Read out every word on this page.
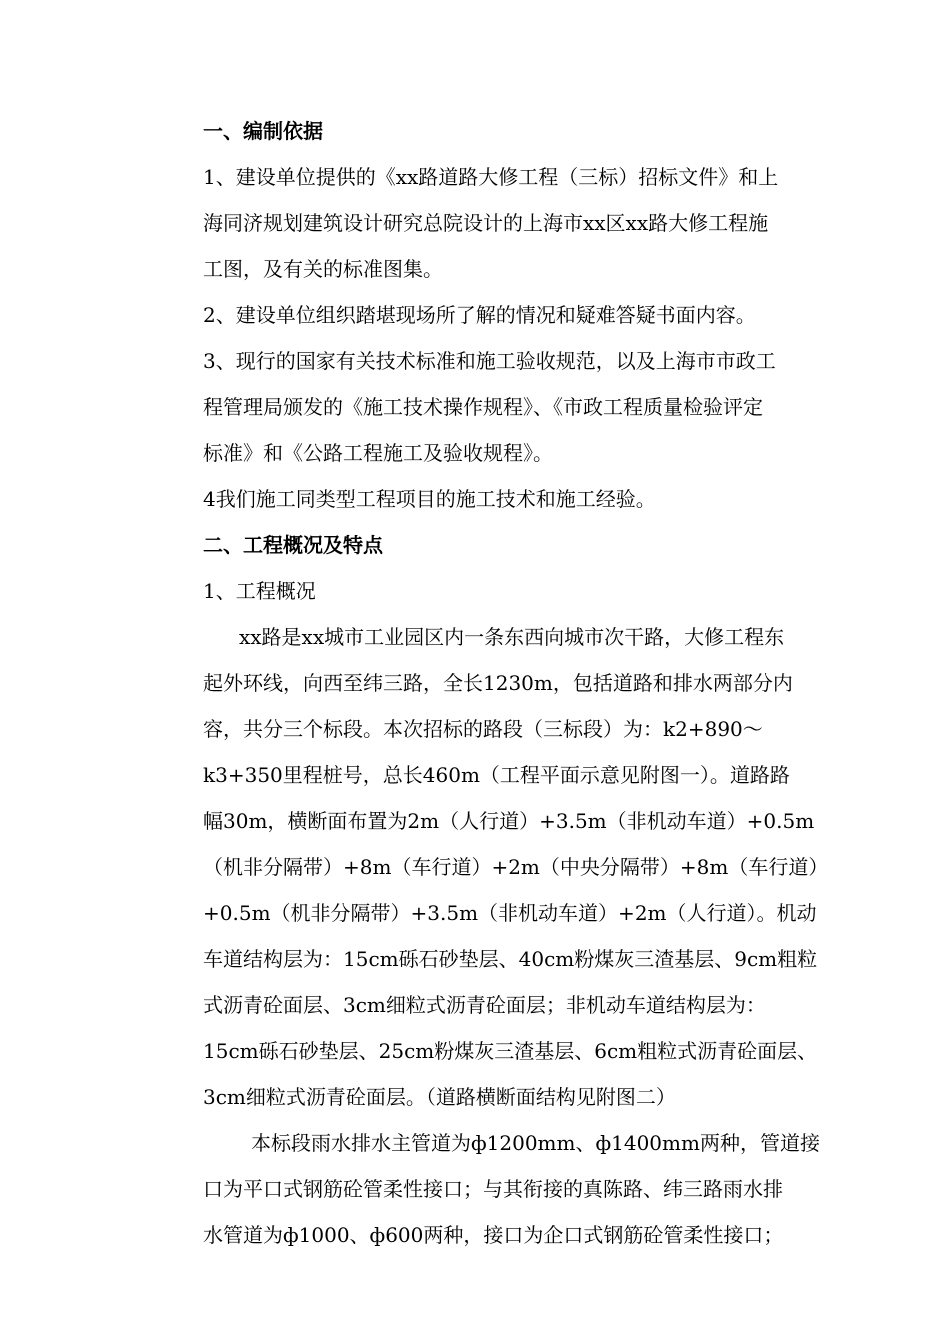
一、编制依据
1、建设单位提供的《xx路道路大修工程（三标）招标文件》和上
海同济规划建筑设计研究总院设计的上海市xx区xx路大修工程施
工图，及有关的标准图集。
2、建设单位组织踏堪现场所了解的情况和疑难答疑书面内容。
3、现行的国家有关技术标准和施工验收规范，以及上海市市政工
程管理局颁发的《施工技术操作规程》、《市政工程质量检验评定
标准》和《公路工程施工及验收规程》。
4我们施工同类型工程项目的施工技术和施工经验。
二、工程概况及特点
1、工程概况
xx路是xx城市工业园区内一条东西向城市次干路，大修工程东
起外环线，向西至纬三路，全长1230m，包括道路和排水两部分内
容，共分三个标段。本次招标的路段（三标段）为：k2+890～
k3+350里程桩号，总长460m（工程平面示意见附图一）。道路路
幅30m，横断面布置为2m（人行道）+3.5m（非机动车道）+0.5m
（机非分隔带）+8m（车行道）+2m（中央分隔带）+8m（车行道）
+0.5m（机非分隔带）+3.5m（非机动车道）+2m（人行道）。机动
车道结构层为：15cm砾石砂垫层、40cm粉煤灰三渣基层、9cm粗粒
式沥青砼面层、3cm细粒式沥青砼面层；非机动车道结构层为：
15cm砾石砂垫层、25cm粉煤灰三渣基层、6cm粗粒式沥青砼面层、
3cm细粒式沥青砼面层。（道路横断面结构见附图二）
本标段雨水排水主管道为ф1200mm、ф1400mm两种，管道接
口为平口式钢筋砼管柔性接口；与其衔接的真陈路、纬三路雨水排
水管道为ф1000、ф600两种，接口为企口式钢筋砼管柔性接口；
